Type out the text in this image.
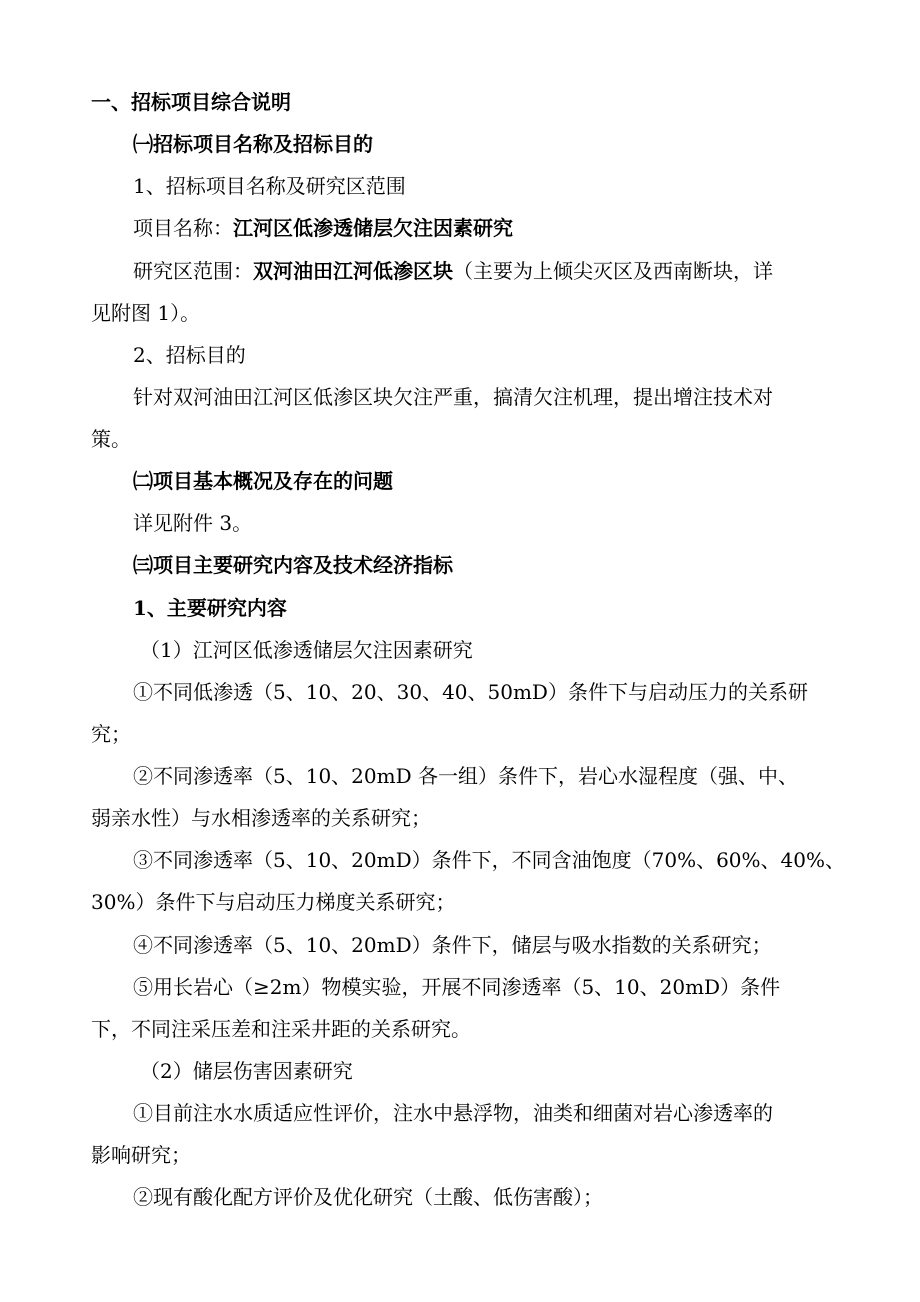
一、招标项目综合说明
㈠招标项目名称及招标目的
1、招标项目名称及研究区范围
项目名称：江河区低渗透储层欠注因素研究
研究区范围：双河油田江河低渗区块（主要为上倾尖灭区及西南断块，详
见附图 1）。
2、招标目的
针对双河油田江河区低渗区块欠注严重，搞清欠注机理，提出增注技术对
策。
㈡项目基本概况及存在的问题
详见附件 3。
㈢项目主要研究内容及技术经济指标
1、主要研究内容
（1）江河区低渗透储层欠注因素研究
①不同低渗透（5、10、20、30、40、50mD）条件下与启动压力的关系研
究；
②不同渗透率（5、10、20mD 各一组）条件下，岩心水湿程度（强、中、
弱亲水性）与水相渗透率的关系研究；
③不同渗透率（5、10、20mD）条件下，不同含油饱度（70%、60%、40%、
30%）条件下与启动压力梯度关系研究；
④不同渗透率（5、10、20mD）条件下，储层与吸水指数的关系研究；
⑤用长岩心（≥2m）物模实验，开展不同渗透率（5、10、20mD）条件
下，不同注采压差和注采井距的关系研究。
（2）储层伤害因素研究
①目前注水水质适应性评价，注水中悬浮物，油类和细菌对岩心渗透率的
影响研究；
②现有酸化配方评价及优化研究（土酸、低伤害酸）；
